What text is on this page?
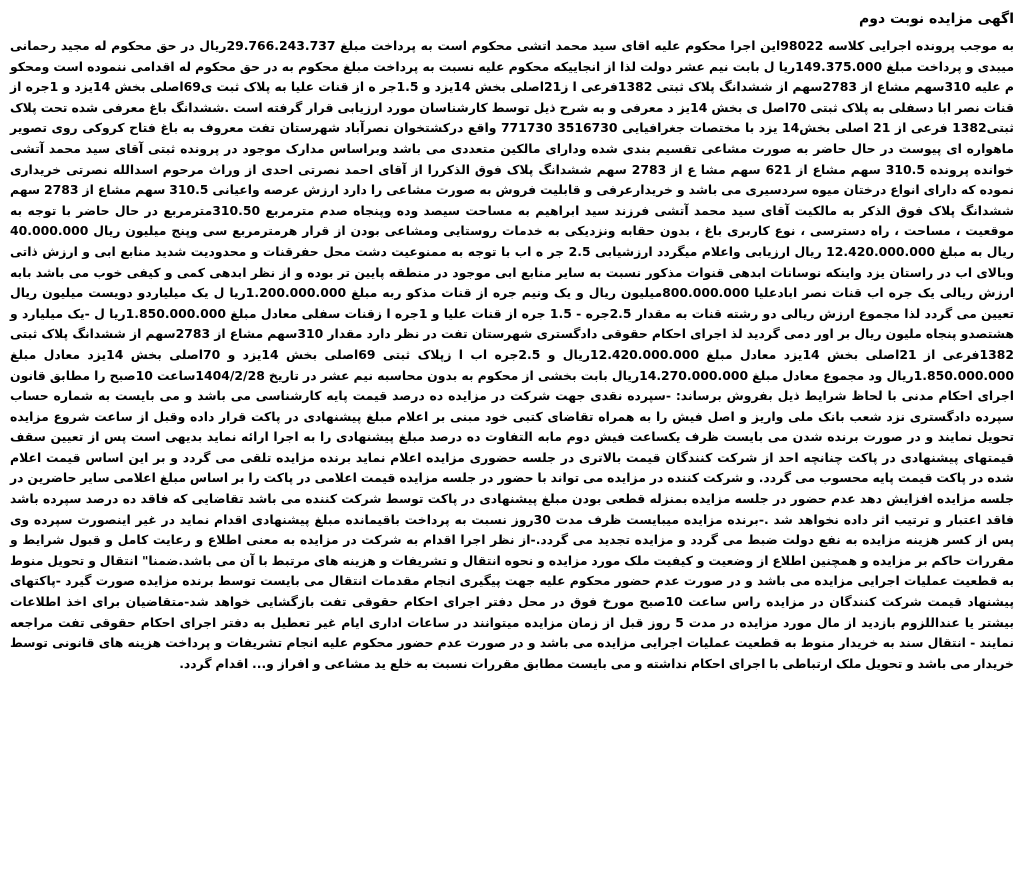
اگهی مزایده نوبت دوم

به موجب پرونده اجرایی کلاسه 98022این اجرا محکوم علیه اقای سید محمد اتشی محکوم است به پرداخت مبلغ 29.766.243.737ریال در حق محکوم له مجید رحمانی میبدی و پرداخت مبلغ 149.375.000ریا ل بابت نیم عشر دولت لذا از انجاییکه محکوم علیه نسبت به پرداخت مبلغ محکوم به در حق محکوم له اقدامی ننموده است ومحکو م علیه 310سهم مشاع از 2783سهم از ششدانگ پلاک ثبتی 1382فرعی ا ز21اصلی بخش 14یزد و 1.5جر ه از قنات علیا به پلاک ثبت ی69اصلی بخش 14یزد و 1جره از قنات نصر ابا دسفلی به پلاک ثبتی 70اصل ی بخش 14یز د معرفی و به شرح ذیل توسط کارشناسان مورد ارزیابی قرار گرفته است .ششدانگ باغ معرفی شده تحت پلاک ثبتی1382 فرعی از 21 اصلی بخش14 یزد با مختصات جغرافیایی 3516730 771730 واقع درکشتخوان نصرآباد شهرستان تفت معروف به باغ فتاح کروکی روی تصویر ماهواره ای پیوست در حال حاضر به صورت مشاعی تقسیم بندی شده ودارای مالکین متعددی می باشد وبراساس مدارک موجود در پرونده ثبتی آقای سید محمد آتشی خوانده پرونده 310.5 سهم مشاع از 621 سهم مشا ع از 2783 سهم ششدانگ پلاک فوق الذکررا از آقای احمد نصرتی احدی از وراث مرحوم اسدالله نصرتی خریداری نموده که دارای انواع درختان میوه سردسیری می باشد و خریدارعرفی و قابلیت فروش به صورت مشاعی را دارد ارزش عرصه واعیانی 310.5 سهم مشاع از 2783 سهم ششدانگ پلاک فوق الذکر به مالکیت آقای سید محمد آتشی فرزند سید ابراهیم به مساحت سیصد وده وپنجاه صدم مترمربع 310.50مترمربع در حال حاضر با توجه به موقعیت ، مساحت ، راه دسترسی ، نوع کاربری باغ ، بدون حقابه ونزدیکی به خدمات روستایی ومشاعی بودن از قرار هرمترمربع سی وپنج میلیون ریال 40.000.000 ریال به مبلغ 12.420.000.000 ریال ارزیابی واعلام میگردد ارزشیابی 2.5 جر ه اب با توجه به ممنوعیت دشت محل حفرقنات و محدودیت شدید منابع ابی و ارزش ذاتی وبالای اب در راستان یزد واینکه نوسانات ابدهی قنوات مذکور نسبت به سایر منابع ابی موجود در منطقه پایین تر بوده و از نظر ابدهی کمی و کیفی خوب می باشد بابه ارزش ریالی یک جره اب قنات نصر ابادعلیا 800.000.000میلیون ریال و یک ونیم جره از قنات مذکو ربه مبلغ 1.200.000.000ریا ل یک میلیاردو دویست میلیون ریال تعیین می گردد لذا مجموع ارزش ریالی دو رشته قنات به مقدار 2.5جره - 1.5 جره از قنات علیا و 1جره ا زقنات سفلی معادل مبلغ 1.850.000.000ریا ل -یک میلیارد و هشتصدو پنجاه ملیون ریال بر اور دمی گردید لذ اجرای احکام حقوقی دادگستری شهرستان تفت در نظر دارد مقدار 310سهم مشاع از 2783سهم از ششدانگ پلاک ثبتی 1382فرعی از 21اصلی بخش 14یزد معادل مبلغ 12.420.000.000ریال و 2.5جره اب ا زپلاک ثبتی 69اصلی بخش 14یزد و 70اصلی بخش 14یزد معادل مبلغ 1.850.000.000ریال ود مجموع معادل مبلغ 14.270.000.000ریال بابت بخشی از محکوم به بدون محاسبه نیم عشر در تاریخ 1404/2/28ساعت 10صبح را مطابق قانون اجرای احکام مدنی با لحاظ شرایط ذیل بفروش برساند: -سپرده نقدی جهت شرکت در مزایده ده درصد قیمت پایه کارشناسی می باشد و می بایست به شماره حساب سپرده دادگستری نزد شعب بانک ملی واریز و اصل فیش را به همراه تقاضای کتبی خود مبنی بر اعلام مبلغ پیشنهادی در پاکت قرار داده وقبل از ساعت شروع مزایده تحویل نمایند و در صورت برنده شدن می بایست ظرف یکساعت فیش دوم مابه التفاوت ده درصد مبلغ پیشنهادی را به اجرا ارائه نماید بدیهی است پس از تعیین سقف قیمتهای پیشنهادی در پاکت چنانچه احد از شرکت کنندگان قیمت بالاتری در جلسه حضوری مزایده اعلام نماید برنده مزایده تلقی می گردد و بر این اساس قیمت اعلام شده در پاکت قیمت پایه محسوب می گردد. و شرکت کننده در مزایده می تواند با حضور در جلسه مزایده قیمت اعلامی در پاکت را بر اساس مبلغ اعلامی سایر حاضرین در جلسه مزایده افزایش دهد عدم حضور در جلسه مزایده بمنزله قطعی بودن مبلغ پیشنهادی در پاکت توسط شرکت کننده می باشد تقاضایی که فاقد ده درصد سپرده باشد فاقد اعتبار و ترتیب اثر داده نخواهد شد .-برنده مزایده میبایست ظرف مدت 30روز نسبت به پرداخت باقیمانده مبلغ پیشنهادی اقدام نماید در غیر اینصورت سپرده وی پس از کسر هزینه مزایده به نفع دولت ضبط می گردد و مزایده تجدید می گردد.-از نظر اجرا اقدام به شرکت در مزایده به معنی اطلاع و رعایت کامل و قبول شرایط و مقررات حاکم بر مزایده و همچنین اطلاع از وضعیت و کیفیت ملک مورد مزایده و نحوه انتقال و تشریفات و هزینه های مرتبط با آن می باشد.ضمنا" انتقال و تحویل منوط به قطعیت عملیات اجرایی مزایده می باشد و در صورت عدم حضور محکوم علیه جهت پیگیری انجام مقدمات انتقال می بایست توسط برنده مزایده صورت گیرد -پاکتهای پیشنهاد قیمت شرکت کنندگان در مزایده راس ساعت 10صبح مورخ فوق در محل دفتر اجرای احکام حقوقی تفت بازگشایی خواهد شد-متقاضیان برای اخذ اطلاعات بیشتر یا عنداللزوم بازدید از مال مورد مزایده در مدت 5 روز قبل از زمان مزایده میتوانند در ساعات اداری ایام غیر تعطیل به دفتر اجرای احکام حقوقی تفت مراجعه نمایند - انتقال سند به خریدار منوط به قطعیت عملیات اجرایی مزایده می باشد و در صورت عدم حضور محکوم علیه انجام تشریفات و پرداخت هزینه های قانونی توسط خریدار می باشد و تحویل ملک ارتباطی با اجرای احکام نداشته و می بایست مطابق مقررات نسبت به خلع ید مشاعی و افراز و... اقدام گردد.
